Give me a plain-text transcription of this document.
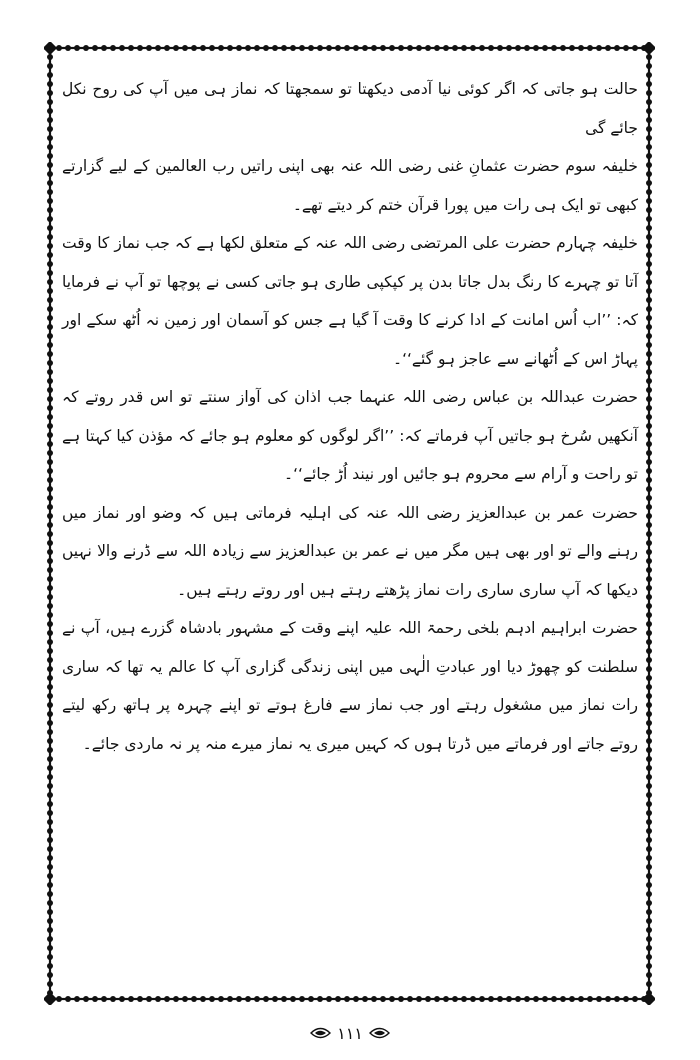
حالت ہو جاتی کہ اگر کوئی نیا آدمی دیکھتا تو سمجھتا کہ نماز ہی میں آپ کی روح نکل جائے گی

خلیفہ سوم حضرت عثمانِ غنی رضی اللہ عنہ بھی اپنی راتیں رب العالمین کے لیے گزارتے کبھی تو ایک ہی رات میں پورا قرآن ختم کر دیتے تھے۔

خلیفہ چہارم حضرت علی المرتضی رضی اللہ عنہ کے متعلق لکھا ہے کہ جب نماز کا وقت آتا تو چہرے کا رنگ بدل جاتا بدن پر کپکپی طاری ہو جاتی کسی نے پوچھا تو آپ نے فرمایا کہ: ’’اب اُس امانت کے ادا کرنے کا وقت آ گیا ہے جس کو آسمان اور زمین نہ اُٹھ سکے اور پہاڑ اس کے اُٹھانے سے عاجز ہو گئے‘‘۔

حضرت عبداللہ بن عباس رضی اللہ عنہما جب اذان کی آواز سنتے تو اس قدر روتے کہ آنکھیں سُرخ ہو جاتیں آپ فرماتے کہ: ’’اگر لوگوں کو معلوم ہو جائے کہ مؤذن کیا کہتا ہے تو راحت و آرام سے محروم ہو جائیں اور نیند اُڑ جائے‘‘۔

حضرت عمر بن عبدالعزیز رضی اللہ عنہ کی اہلیہ فرماتی ہیں کہ وضو اور نماز میں رہنے والے تو اور بھی ہیں مگر میں نے عمر بن عبدالعزیز سے زیادہ اللہ سے ڈرنے والا نہیں دیکھا کہ آپ ساری ساری رات نماز پڑھتے رہتے ہیں اور روتے رہتے ہیں۔

حضرت ابراہیم ادہم بلخی رحمۃ اللہ علیہ اپنے وقت کے مشہور بادشاہ گزرے ہیں، آپ نے سلطنت کو چھوڑ دیا اور عبادتِ الٰہی میں اپنی زندگی گزاری آپ کا عالم یہ تھا کہ ساری رات نماز میں مشغول رہتے اور جب نماز سے فارغ ہوتے تو اپنے چہرہ پر ہاتھ رکھ لیتے روتے جاتے اور فرماتے میں ڈرتا ہوں کہ کہیں میری یہ نماز میرے منہ پر نہ ماردی جائے۔

۱۱۱
